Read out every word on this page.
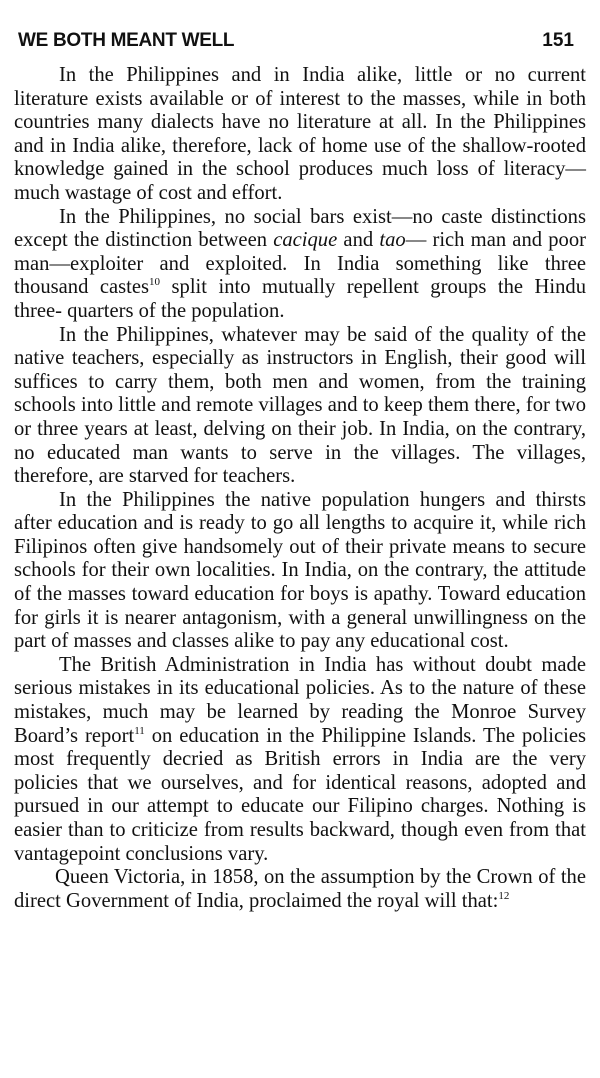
WE BOTH MEANT WELL	151

In the Philippines and in India alike, little or no current literature exists available or of interest to the masses, while in both countries many dialects have no literature at all. In the Philippines and in India alike, therefore, lack of home use of the shallow-rooted knowledge gained in the school produces much loss of literacy—much wastage of cost and effort.

In the Philippines, no social bars exist—no caste distinctions except the distinction between cacique and tao— rich man and poor man—exploiter and exploited. In India something like three thousand castes$^{10}$ split into mutually repellent groups the Hindu three- quarters of the population.

In the Philippines, whatever may be said of the quality of the native teachers, especially as instructors in English, their good will suffices to carry them, both men and women, from the training schools into little and remote villages and to keep them there, for two or three years at least, delving on their job. In India, on the contrary, no educated man wants to serve in the villages. The villages, therefore, are starved for teachers.

In the Philippines the native population hungers and thirsts after education and is ready to go all lengths to acquire it, while rich Filipinos often give handsomely out of their private means to secure schools for their own localities. In India, on the contrary, the attitude of the masses toward education for boys is apathy. Toward education for girls it is nearer antagonism, with a general unwillingness on the part of masses and classes alike to pay any educational cost.

The British Administration in India has without doubt made serious mistakes in its educational policies. As to the nature of these mistakes, much may be learned by reading the Monroe Survey Board’s report$^{11}$ on education in the Philippine Islands. The policies most frequently decried as British errors in India are the very policies that we ourselves, and for identical reasons, adopted and pursued in our attempt to educate our Filipino charges. Nothing is easier than to criticize from results backward, though even from that vantagepoint conclusions vary.

Queen Victoria, in 1858, on the assumption by the Crown of the direct Government of India, proclaimed the royal will that:$^{12}$
